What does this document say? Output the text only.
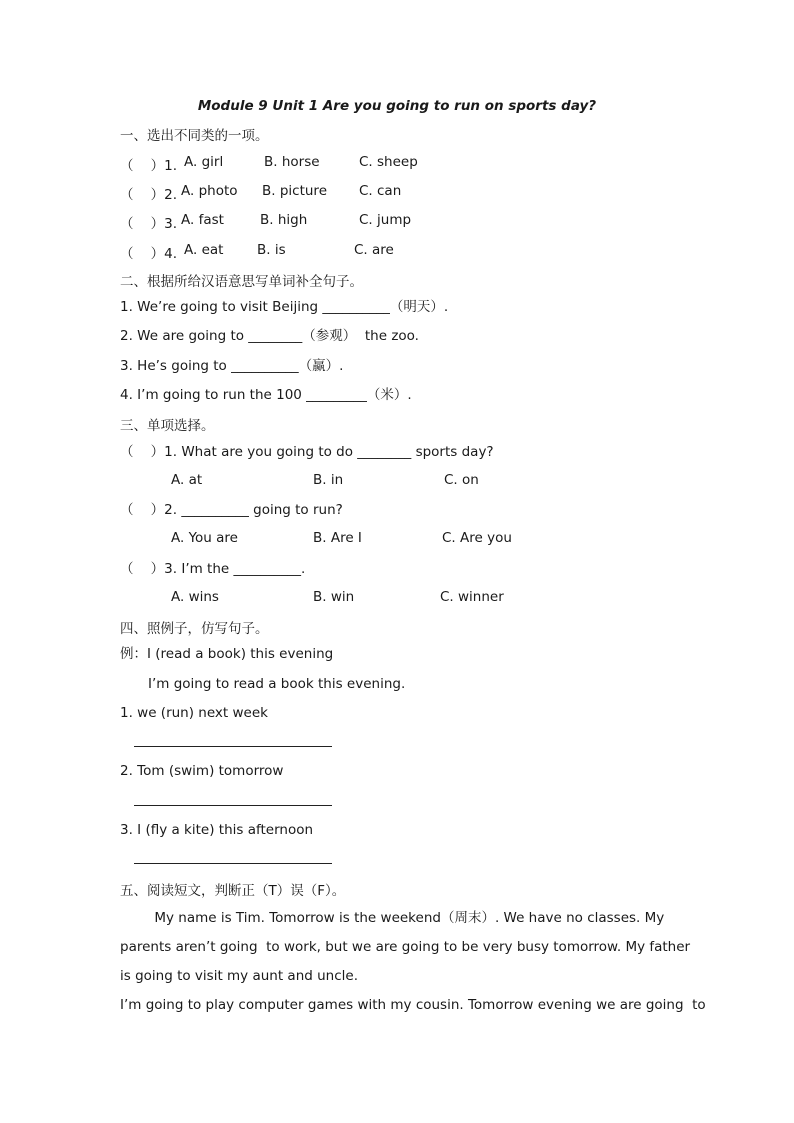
Module 9 Unit 1 Are you going to run on sports day?
一、选出不同类的一项。
（    ）1. A. girl	B. horse	C. sheep
（    ）2. A. photo B. picture C. can
（    ）3. A. fast	B. high	C. jump
（    ）4. A. eat B. is	C. are
二、根据所给汉语意思写单词补全句子。
1. We’re going to visit Beijing __________（明天）.
2. We are going to ________（参观）  the zoo.
3. He’s going to __________（赢）.
4. I’m going to run the 100 _________（米）.
三、单项选择。
（    ）1. What are you going to do ________ sports day?
A. at	B. in	C. on
（    ）2. __________ going to run?
A. You are	B. Are I	C. Are you
（    ）3. I’m the __________.
A. wins	B. win	C. winner
四、照例子，仿写句子。
例：I (read a book) this evening
I’m going to read a book this evening.
1. we (run) next week
2. Tom (swim) tomorrow
3. I (fly a kite) this afternoon
五、阅读短文，判断正（T）误（F）。
My name is Tim. Tomorrow is the weekend（周末）. We have no classes. My
parents aren’t going  to work, but we are going to be very busy tomorrow. My father
is going to visit my aunt and uncle.
I’m going to play computer games with my cousin. Tomorrow evening we are going  to
